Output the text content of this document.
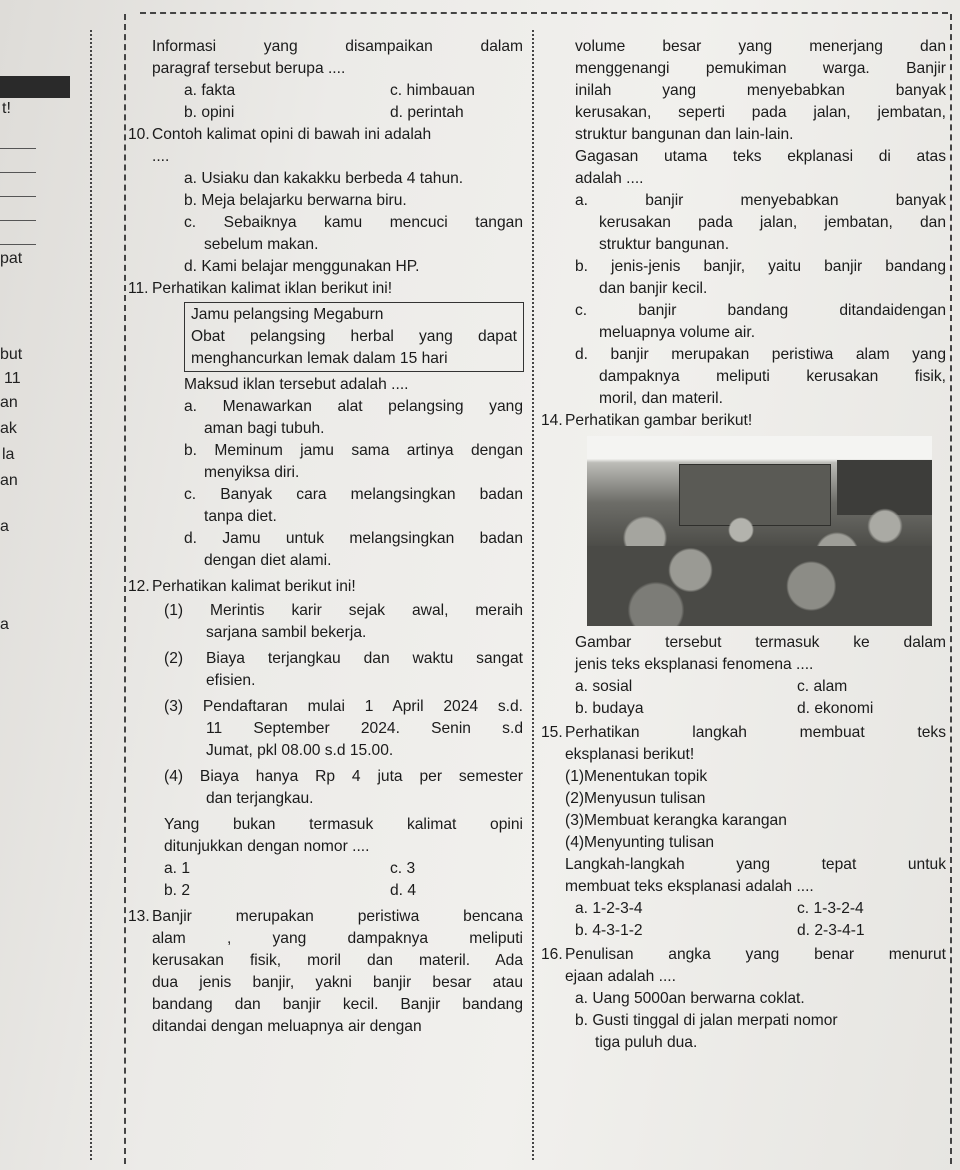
t!
pat
but
11
an
ak
la
an
a
a

Informasi yang disampaikan dalam

paragraf tersebut berupa ....

a. fakta	c. himbauan
b. opini	d. perintah
10. Contoh kalimat opini di bawah ini adalah

....

a. Usiaku dan kakakku berbeda 4 tahun.

b. Meja belajarku berwarna biru.

c. Sebaiknya kamu mencuci tangan

sebelum makan.

d. Kami belajar menggunakan HP.

11. Perhatikan kalimat iklan berikut ini!

Jamu pelangsing Megaburn

Obat pelangsing herbal yang dapat

menghancurkan lemak dalam 15 hari

Maksud iklan tersebut adalah ....

a. Menawarkan alat pelangsing yang

aman bagi tubuh.

b. Meminum jamu sama artinya dengan

menyiksa diri.

c. Banyak cara melangsingkan badan

tanpa diet.

d. Jamu untuk melangsingkan badan

dengan diet alami.

12. Perhatikan kalimat berikut ini!

(1) Merintis karir sejak awal, meraih

sarjana sambil bekerja.

(2) Biaya terjangkau dan waktu sangat

efisien.

(3) Pendaftaran mulai 1 April 2024 s.d.

11 September 2024. Senin s.d

Jumat, pkl 08.00 s.d 15.00.

(4) Biaya hanya Rp 4 juta per semester

dan terjangkau.

Yang bukan termasuk kalimat opini

ditunjukkan dengan nomor ....

a. 1	c. 3
b. 2	d. 4
13. Banjir merupakan peristiwa bencana

alam , yang dampaknya meliputi

kerusakan fisik, moril dan materil. Ada

dua jenis banjir, yakni banjir besar atau

bandang dan banjir kecil. Banjir bandang

ditandai dengan meluapnya air dengan

volume besar yang menerjang dan

menggenangi pemukiman warga. Banjir

inilah yang menyebabkan banyak

kerusakan, seperti pada jalan, jembatan,

struktur bangunan dan lain-lain.

Gagasan utama teks ekplanasi di atas

adalah ....

a. banjir menyebabkan banyak

kerusakan pada jalan, jembatan, dan

struktur bangunan.

b. jenis-jenis banjir, yaitu banjir bandang

dan banjir kecil.

c. banjir bandang ditandaidengan

meluapnya volume air.

d. banjir merupakan peristiwa alam yang

dampaknya meliputi kerusakan fisik,

moril, dan materil.

14. Perhatikan gambar berikut!

Gambar tersebut termasuk ke dalam

jenis teks eksplanasi fenomena ....

a. sosial	c. alam
b. budaya	d. ekonomi
15. Perhatikan langkah membuat teks

eksplanasi berikut!

(1)Menentukan topik

(2)Menyusun tulisan

(3)Membuat kerangka karangan

(4)Menyunting tulisan

Langkah-langkah yang tepat untuk

membuat teks eksplanasi adalah ....

a. 1-2-3-4	c. 1-3-2-4
b. 4-3-1-2	d. 2-3-4-1
16. Penulisan angka yang benar menurut

ejaan adalah ....

a. Uang 5000an berwarna coklat.

b. Gusti tinggal di jalan merpati nomor

tiga puluh dua.
